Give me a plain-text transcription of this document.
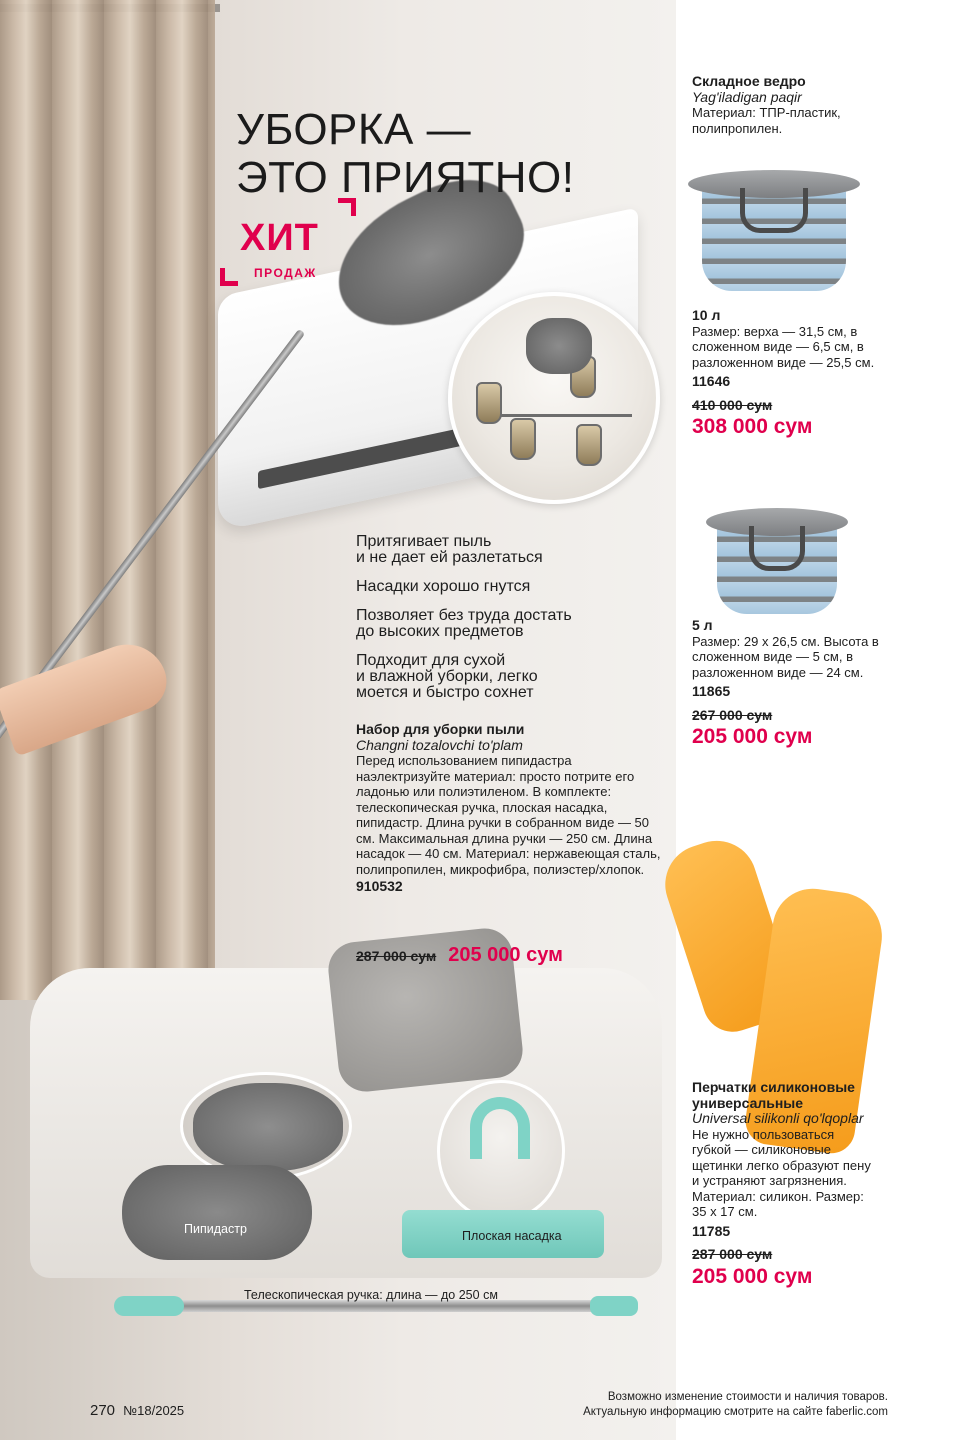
УБОРКА —
ЭТО ПРИЯТНО!
ХИТ
ПРОДАЖ
Притягивает пыль
и не дает ей разлетаться
Насадки хорошо гнутся
Позволяет без труда достать
до высоких предметов
Подходит для сухой
и влажной уборки, легко
моется и быстро сохнет
Набор для уборки пыли
Changni tozalovchi to'plam
Перед использованием пипидастра наэлектризуйте материал: просто потрите его ладонью или полиэтиленом. В комплекте: телескопическая ручка, плоская насадка, пипидастр. Длина ручки в собранном виде — 50 см. Максимальная длина ручки — 250 см. Длина насадок — 40 см. Материал: нержавеющая сталь, полипропилен, микрофибра, полиэстер/хлопок.
910532
287 000 сум 205 000 сум
Пипидастр	Плоская насадка
Телескопическая ручка: длина — до 250 см
Складное ведро
Yag'iladigan paqir
Материал: ТПР-пластик, полипропилен.
10 л
Размер: верха — 31,5 см, в сложенном виде — 6,5 см, в разложенном виде — 25,5 см.
11646
410 000 сум
308 000 сум
5 л
Размер: 29 x 26,5 см. Высота в сложенном виде — 5 см, в разложенном виде — 24 см.
11865
267 000 сум
205 000 сум
Перчатки силиконовые универсальные
Universal silikonli qo'lqoplar
Не нужно пользоваться губкой — силиконовые щетинки легко образуют пену и устраняют загрязнения. Материал: силикон. Размер: 35 x 17 см.
11785
287 000 сум
205 000 сум
270 №18/2025
Возможно изменение стоимости и наличия товаров.
Актуальную информацию смотрите на сайте faberlic.com
